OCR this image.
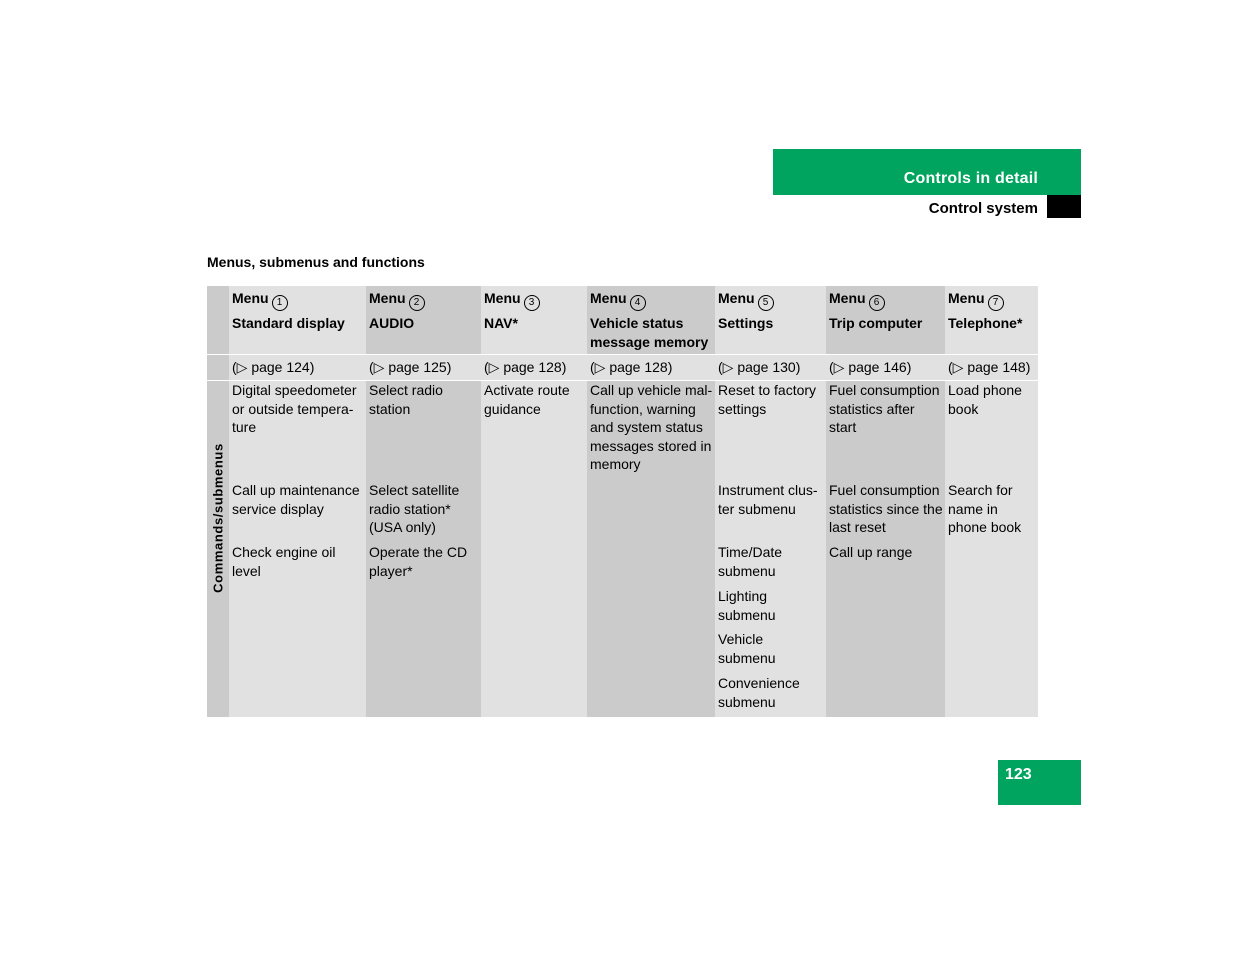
Controls in detail
Control system
Menus, submenus and functions
Commands/submenus
Menu 1
Standard display
(▷ page 124)
Digital speedometer or outside tempera-ture
Call up maintenance service display
Check engine oil level
Menu 2
AUDIO
(▷ page 125)
Select radio station
Select satellite radio station* (USA only)
Operate the CD player*
Menu 3
NAV*
(▷ page 128)
Activate route guidance
Menu 4
Vehicle status message memory
(▷ page 128)
Call up vehicle mal-function, warning and system status messages stored in memory
Menu 5
Settings
(▷ page 130)
Reset to factory settings
Instrument clus-ter submenu
Time/Date submenu
Lighting submenu
Vehicle submenu
Convenience submenu
Menu 6
Trip computer
(▷ page 146)
Fuel consumption statistics after start
Fuel consumption statistics since the last reset
Call up range
Menu 7
Telephone*
(▷ page 148)
Load phone book
Search for name in phone book
123
